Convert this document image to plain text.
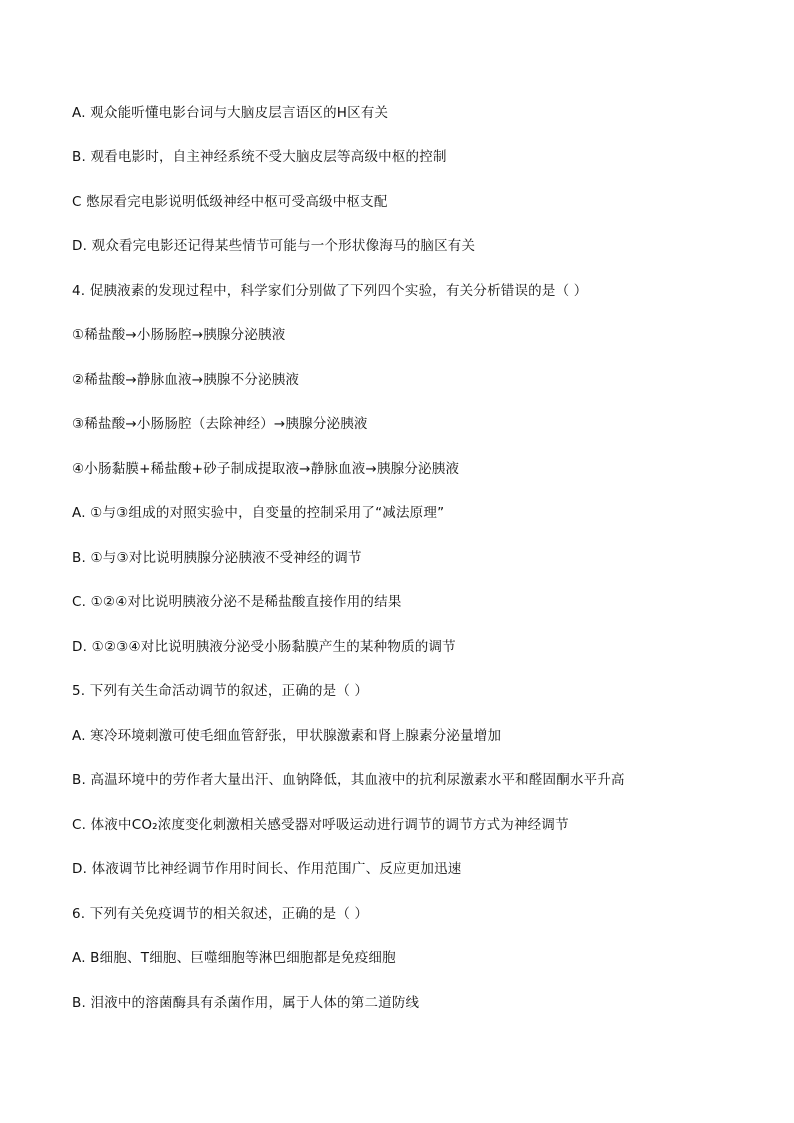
A. 观众能听懂电影台词与大脑皮层言语区的H区有关
B. 观看电影时，自主神经系统不受大脑皮层等高级中枢的控制
C 憋尿看完电影说明低级神经中枢可受高级中枢支配
D. 观众看完电影还记得某些情节可能与一个形状像海马的脑区有关
4. 促胰液素的发现过程中，科学家们分别做了下列四个实验，有关分析错误的是（ ）
①稀盐酸→小肠肠腔→胰腺分泌胰液
②稀盐酸→静脉血液→胰腺不分泌胰液
③稀盐酸→小肠肠腔（去除神经）→胰腺分泌胰液
④小肠黏膜+稀盐酸+砂子制成提取液→静脉血液→胰腺分泌胰液
A. ①与③组成的对照实验中，自变量的控制采用了“减法原理”
B. ①与③对比说明胰腺分泌胰液不受神经的调节
C. ①②④对比说明胰液分泌不是稀盐酸直接作用的结果
D. ①②③④对比说明胰液分泌受小肠黏膜产生的某种物质的调节
5. 下列有关生命活动调节的叙述，正确的是（ ）
A. 寒冷环境刺激可使毛细血管舒张，甲状腺激素和肾上腺素分泌量增加
B. 高温环境中的劳作者大量出汗、血钠降低，其血液中的抗利尿激素水平和醛固酮水平升高
C. 体液中CO₂浓度变化刺激相关感受器对呼吸运动进行调节的调节方式为神经调节
D. 体液调节比神经调节作用时间长、作用范围广、反应更加迅速
6. 下列有关免疫调节的相关叙述，正确的是（ ）
A. B细胞、T细胞、巨噬细胞等淋巴细胞都是免疫细胞
B. 泪液中的溶菌酶具有杀菌作用，属于人体的第二道防线
